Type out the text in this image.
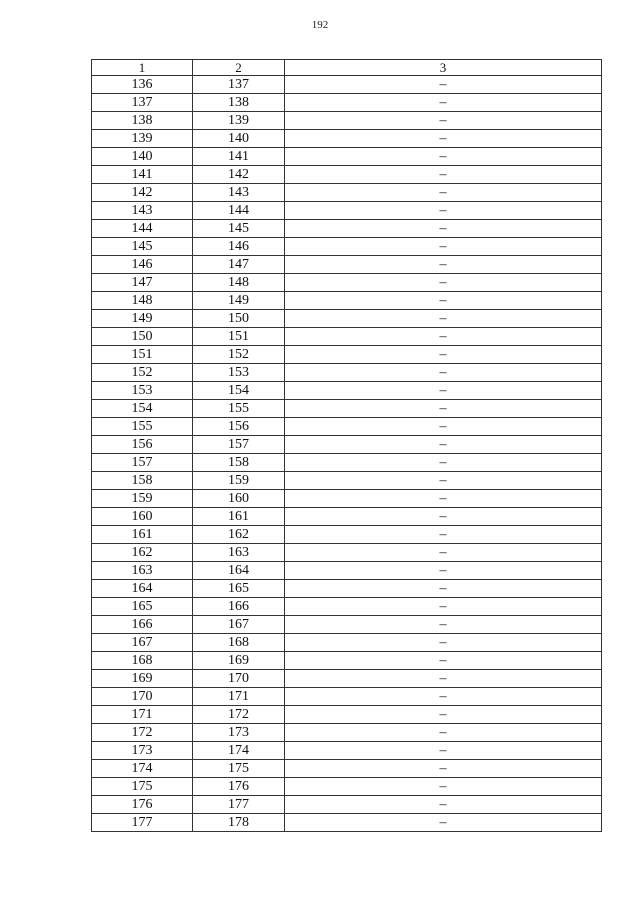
192
1	2	3
136	137	–
137	138	–
138	139	–
139	140	–
140	141	–
141	142	–
142	143	–
143	144	–
144	145	–
145	146	–
146	147	–
147	148	–
148	149	–
149	150	–
150	151	–
151	152	–
152	153	–
153	154	–
154	155	–
155	156	–
156	157	–
157	158	–
158	159	–
159	160	–
160	161	–
161	162	–
162	163	–
163	164	–
164	165	–
165	166	–
166	167	–
167	168	–
168	169	–
169	170	–
170	171	–
171	172	–
172	173	–
173	174	–
174	175	–
175	176	–
176	177	–
177	178	–
